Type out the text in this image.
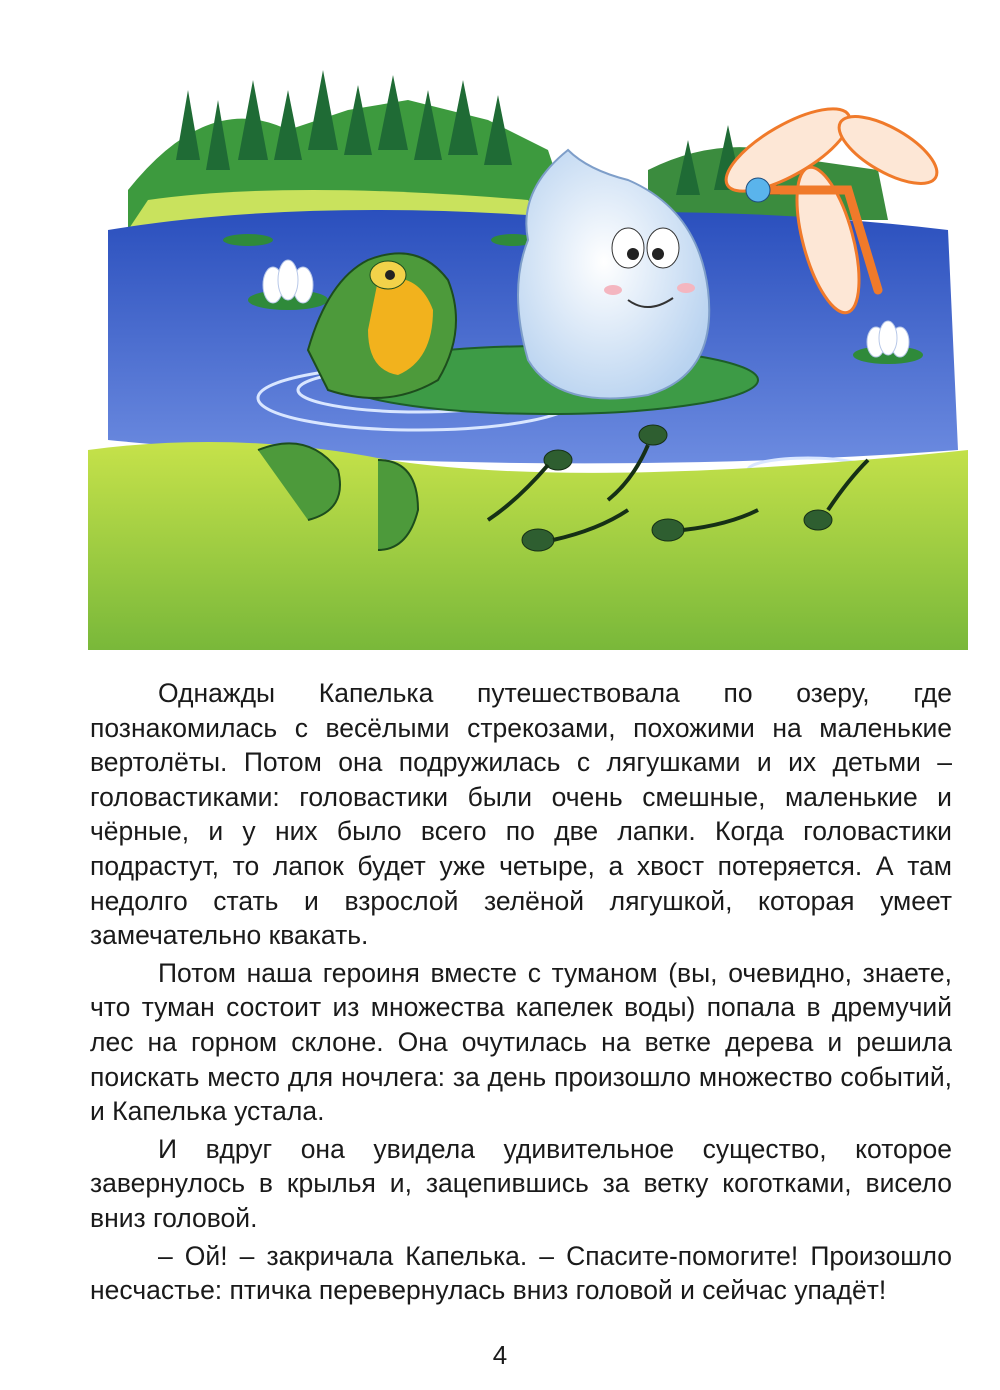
Однажды Капелька путешествовала по озеру, где познакомилась с весёлыми стрекозами, похожими на маленькие вертолёты. Потом она подружилась с лягушками и их детьми – головастиками: головастики были очень смешные, маленькие и чёрные, и у них было всего по две лапки. Когда головастики подрастут, то лапок будет уже четыре, а хвост потеряется. А там недолго стать и взрослой зелёной лягушкой, которая умеет замечательно квакать.

Потом наша героиня вместе с туманом (вы, очевидно, знаете, что туман состоит из множества капелек воды) попала в дремучий лес на горном склоне. Она очутилась на ветке дерева и решила поискать место для ночлега: за день произошло множество событий, и Капелька устала.

И вдруг она увидела удивительное существо, которое завернулось в крылья и, зацепившись за ветку коготками, висело вниз головой.

– Ой! – закричала Капелька. – Спасите-помогите! Произошло несчастье: птичка перевернулась вниз головой и сейчас упадёт!

4
